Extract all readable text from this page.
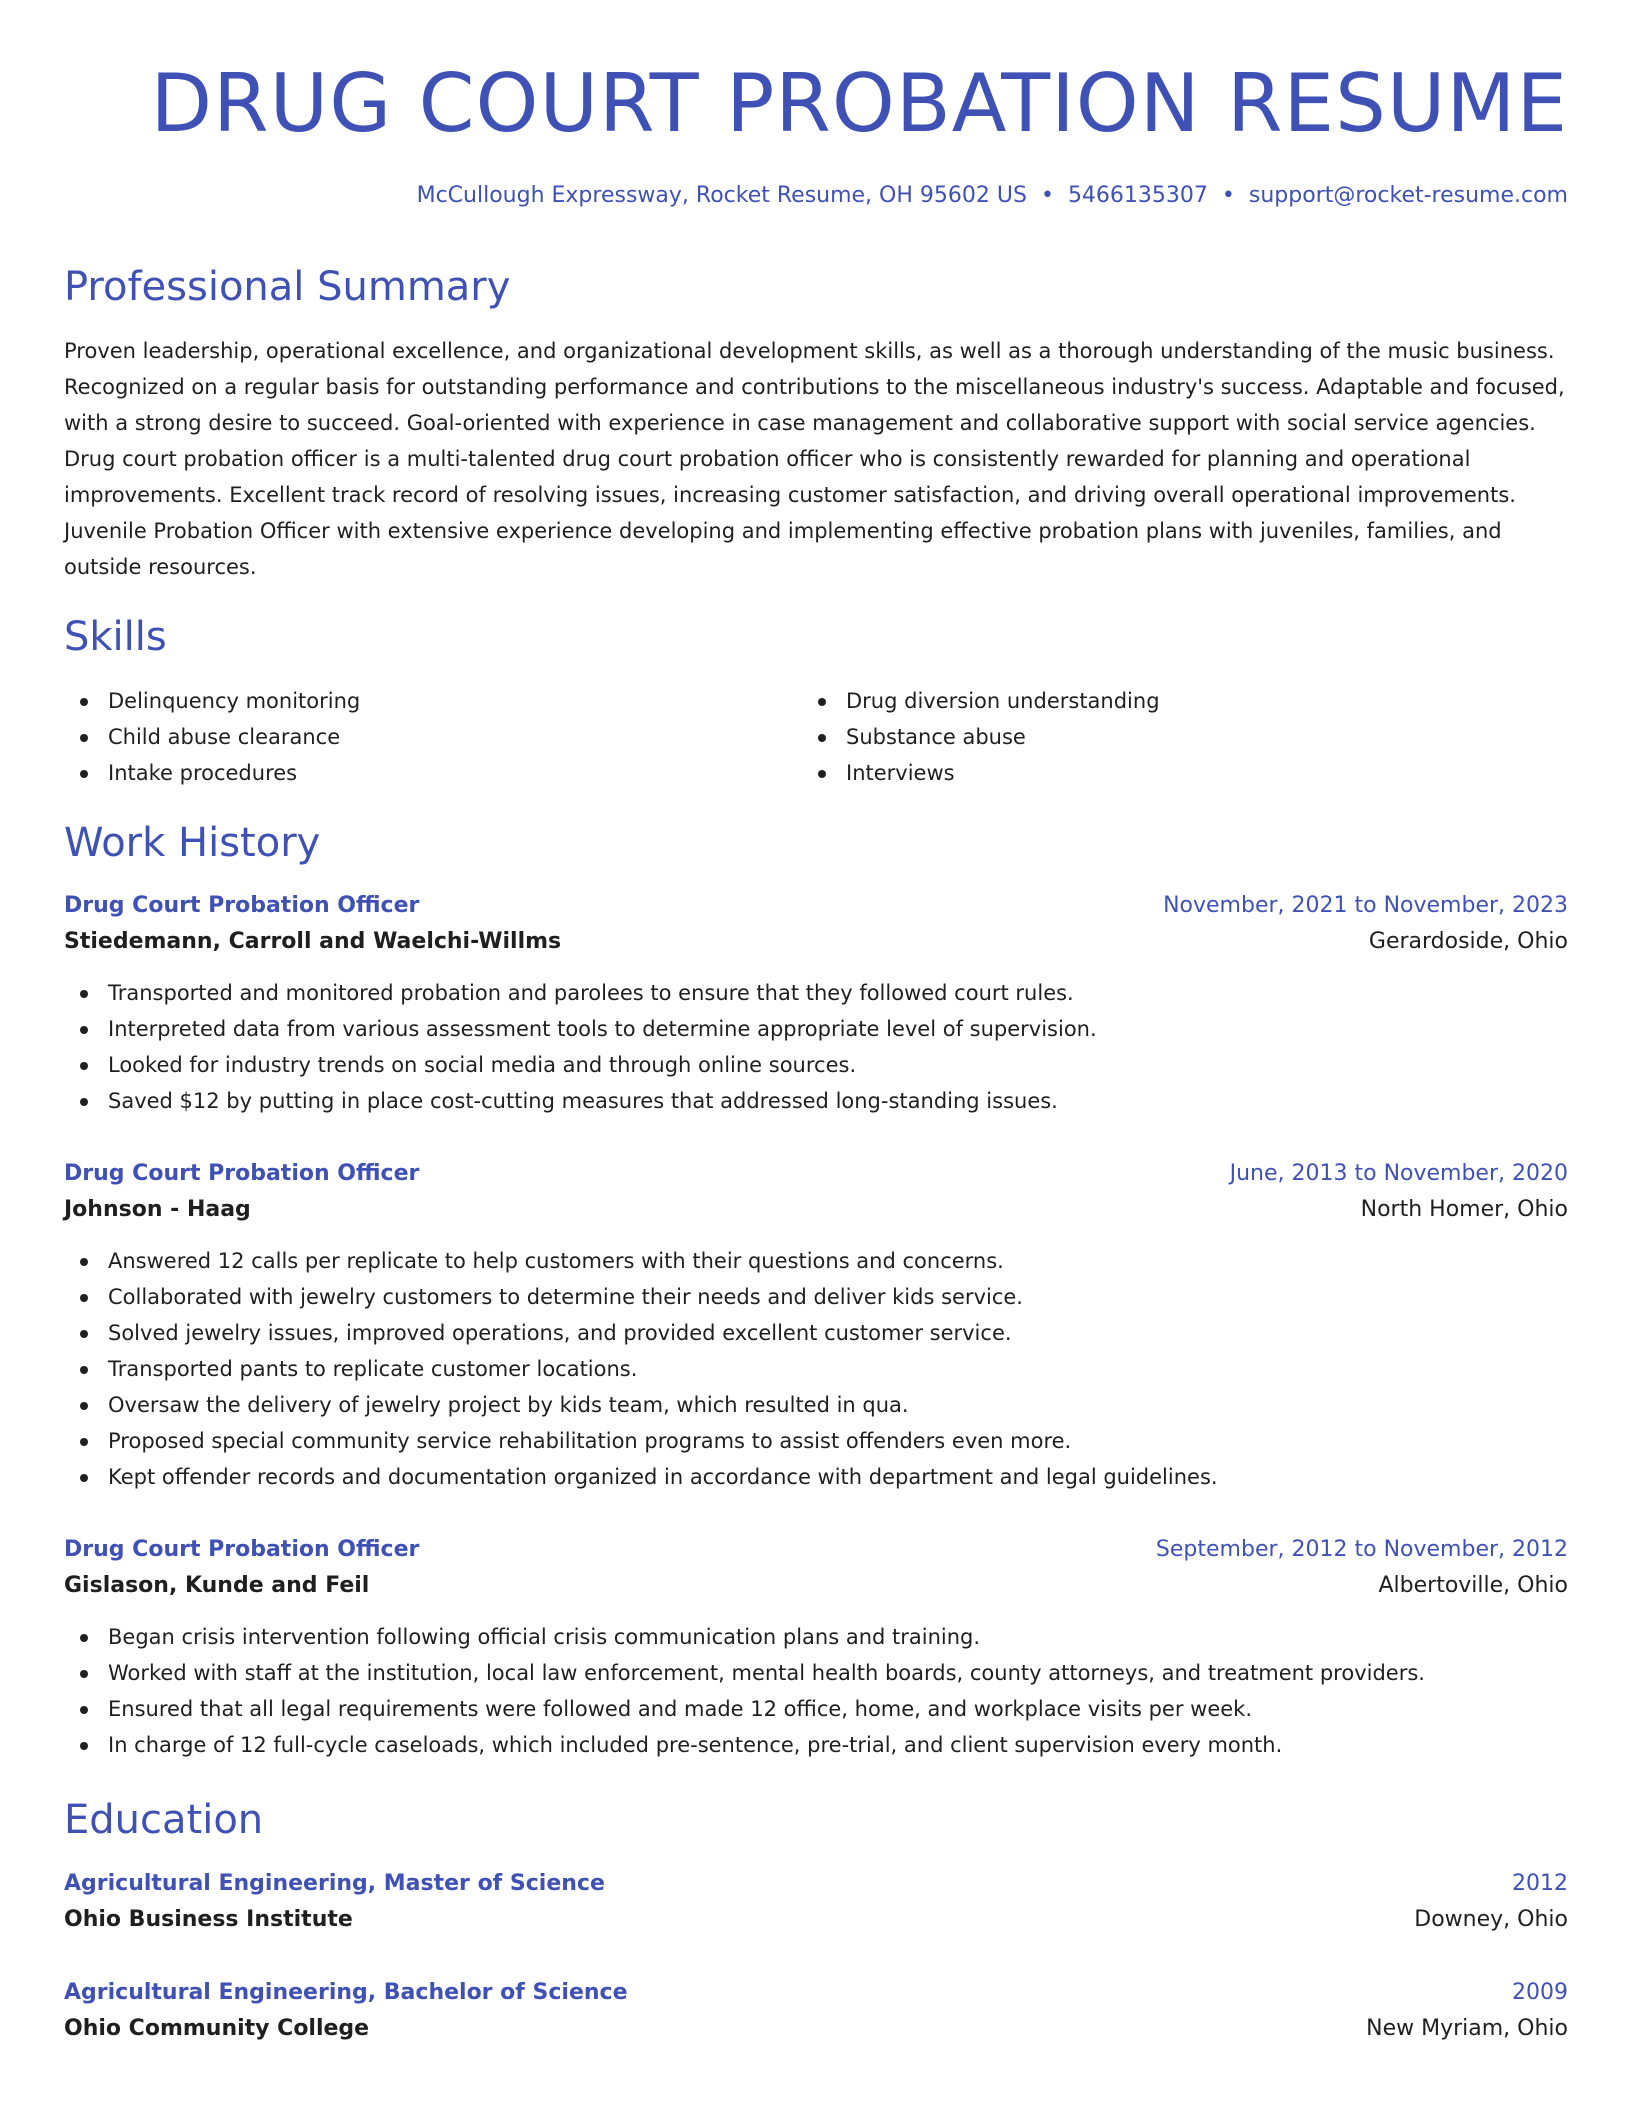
DRUG COURT PROBATION RESUME
McCullough Expressway, Rocket Resume, OH 95602 US • 5466135307 • support@rocket-resume.com
Professional Summary
Proven leadership, operational excellence, and organizational development skills, as well as a thorough understanding of the music business.
Recognized on a regular basis for outstanding performance and contributions to the miscellaneous industry's success. Adaptable and focused,
with a strong desire to succeed. Goal-oriented with experience in case management and collaborative support with social service agencies.
Drug court probation officer is a multi-talented drug court probation officer who is consistently rewarded for planning and operational
improvements. Excellent track record of resolving issues, increasing customer satisfaction, and driving overall operational improvements.
Juvenile Probation Officer with extensive experience developing and implementing effective probation plans with juveniles, families, and
outside resources.
Skills
Delinquency monitoring
Child abuse clearance
Intake procedures
Drug diversion understanding
Substance abuse
Interviews
Work History
Drug Court Probation Officer	November, 2021 to November, 2023
Stiedemann, Carroll and Waelchi-Willms	Gerardoside, Ohio
Transported and monitored probation and parolees to ensure that they followed court rules.
Interpreted data from various assessment tools to determine appropriate level of supervision.
Looked for industry trends on social media and through online sources.
Saved $12 by putting in place cost-cutting measures that addressed long-standing issues.
Drug Court Probation Officer	June, 2013 to November, 2020
Johnson - Haag	North Homer, Ohio
Answered 12 calls per replicate to help customers with their questions and concerns.
Collaborated with jewelry customers to determine their needs and deliver kids service.
Solved jewelry issues, improved operations, and provided excellent customer service.
Transported pants to replicate customer locations.
Oversaw the delivery of jewelry project by kids team, which resulted in qua.
Proposed special community service rehabilitation programs to assist offenders even more.
Kept offender records and documentation organized in accordance with department and legal guidelines.
Drug Court Probation Officer	September, 2012 to November, 2012
Gislason, Kunde and Feil	Albertoville, Ohio
Began crisis intervention following official crisis communication plans and training.
Worked with staff at the institution, local law enforcement, mental health boards, county attorneys, and treatment providers.
Ensured that all legal requirements were followed and made 12 office, home, and workplace visits per week.
In charge of 12 full-cycle caseloads, which included pre-sentence, pre-trial, and client supervision every month.
Education
Agricultural Engineering, Master of Science	2012
Ohio Business Institute	Downey, Ohio
Agricultural Engineering, Bachelor of Science	2009
Ohio Community College	New Myriam, Ohio
